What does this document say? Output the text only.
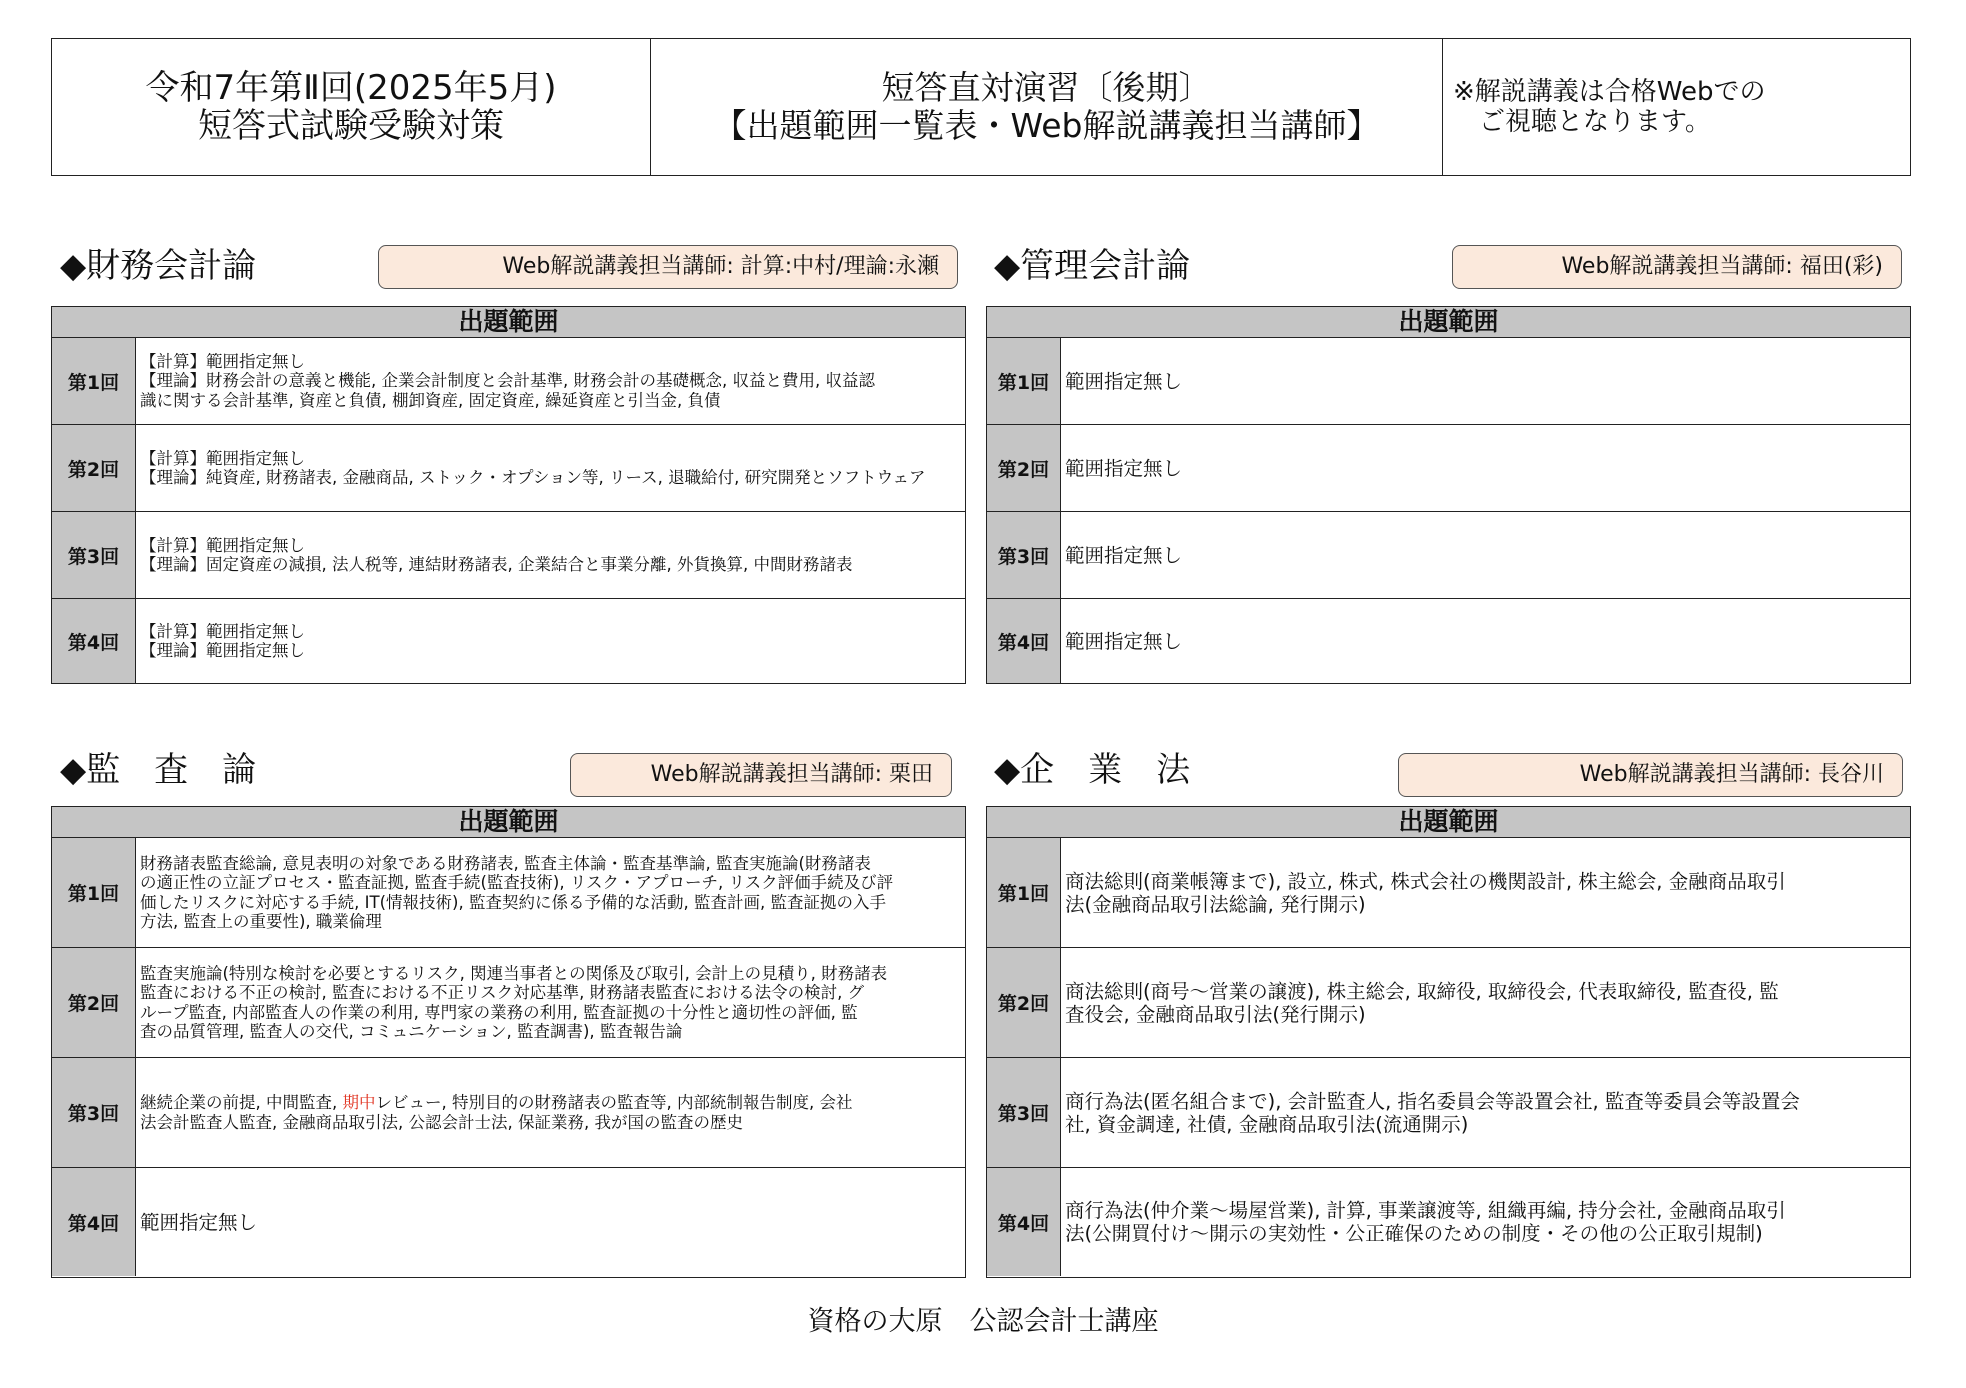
令和7年第Ⅱ回(2025年5月)
短答式試験受験対策
短答直対演習〔後期〕
【出題範囲一覧表・Web解説講義担当講師】
※解説講義は合格Webでの
ご視聴となります。
◆財務会計論	Web解説講義担当講師: 計算:中村/理論:永瀬
出題範囲
第1回
【計算】範囲指定無し
【理論】財務会計の意義と機能, 企業会計制度と会計基準, 財務会計の基礎概念, 収益と費用, 収益認
識に関する会計基準, 資産と負債, 棚卸資産, 固定資産, 繰延資産と引当金, 負債
第2回
【計算】範囲指定無し
【理論】純資産, 財務諸表, 金融商品, ストック・オプション等, リース, 退職給付, 研究開発とソフトウェア
第3回
【計算】範囲指定無し
【理論】固定資産の減損, 法人税等, 連結財務諸表, 企業結合と事業分離, 外貨換算, 中間財務諸表
第4回
【計算】範囲指定無し
【理論】範囲指定無し
◆管理会計論	Web解説講義担当講師: 福田(彩)
出題範囲
第1回 範囲指定無し
第2回 範囲指定無し
第3回 範囲指定無し
第4回 範囲指定無し
◆監　査　論	Web解説講義担当講師: 栗田
出題範囲
第1回
財務諸表監査総論, 意見表明の対象である財務諸表, 監査主体論・監査基準論, 監査実施論(財務諸表
の適正性の立証プロセス・監査証拠, 監査手続(監査技術), リスク・アプローチ, リスク評価手続及び評
価したリスクに対応する手続, IT(情報技術), 監査契約に係る予備的な活動, 監査計画, 監査証拠の入手
方法, 監査上の重要性), 職業倫理
第2回
監査実施論(特別な検討を必要とするリスク, 関連当事者との関係及び取引, 会計上の見積り, 財務諸表
監査における不正の検討, 監査における不正リスク対応基準, 財務諸表監査における法令の検討, グ
ループ監査, 内部監査人の作業の利用, 専門家の業務の利用, 監査証拠の十分性と適切性の評価, 監
査の品質管理, 監査人の交代, コミュニケーション, 監査調書), 監査報告論
第3回
継続企業の前提, 中間監査, 期中レビュー, 特別目的の財務諸表の監査等, 内部統制報告制度, 会社
法会計監査人監査, 金融商品取引法, 公認会計士法, 保証業務, 我が国の監査の歴史
第4回	範囲指定無し
◆企　業　法	Web解説講義担当講師: 長谷川
出題範囲
第1回
商法総則(商業帳簿まで), 設立, 株式, 株式会社の機関設計, 株主総会, 金融商品取引
法(金融商品取引法総論, 発行開示)
第2回
商法総則(商号～営業の譲渡), 株主総会, 取締役, 取締役会, 代表取締役, 監査役, 監
査役会, 金融商品取引法(発行開示)
第3回
商行為法(匿名組合まで), 会計監査人, 指名委員会等設置会社, 監査等委員会等設置会
社, 資金調達, 社債, 金融商品取引法(流通開示)
第4回
商行為法(仲介業～場屋営業), 計算, 事業譲渡等, 組織再編, 持分会社, 金融商品取引
法(公開買付け～開示の実効性・公正確保のための制度・その他の公正取引規制)
資格の大原　公認会計士講座
